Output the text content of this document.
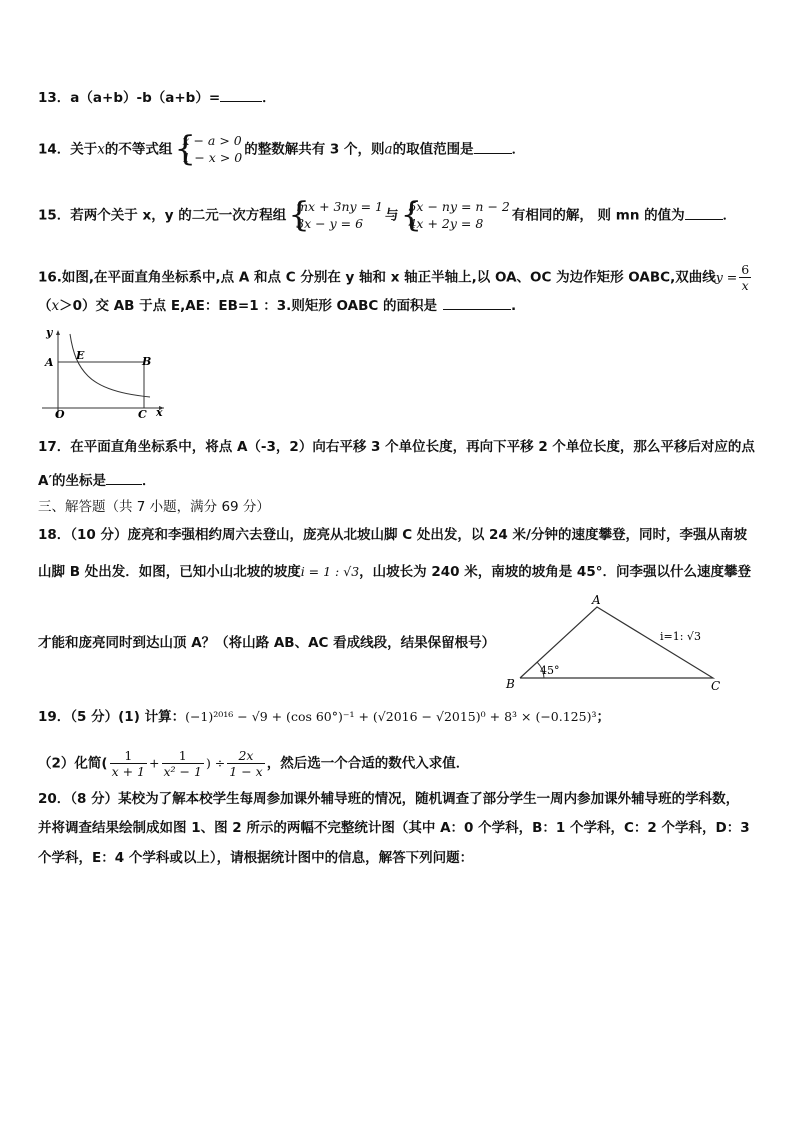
13．a（a+b）-b（a+b）=	．
14．关于x的不等式组 {
x − a > 0
1 − x > 0 的整数解共有 3 个，则a的取值范围是	．
15．若两个关于 x，y 的二元一次方程组 {
mx + 3ny = 1
3x − y = 6	与 {
5x − ny = n − 2
4x + 2y = 8	有相同的解， 则 mn 的值为	．
16.如图,在平面直角坐标系中,点 A 和点 C 分别在 y 轴和 x 轴正半轴上,以 OA、OC 为边作矩形 OABC,双曲线$y = \frac{6}{x}$
（x＞0）交 AB 于点 E,AE：EB=1 ：3.则矩形 OABC 的面积是	.
y
A
E	B
O	C x
17．在平面直角坐标系中，将点 A（-3，2）向右平移 3 个单位长度，再向下平移 2 个单位长度，那么平移后对应的点
A′的坐标是	．
三、解答题（共 7 小题，满分 69 分）
18．（10 分）庞亮和李强相约周六去登山，庞亮从北坡山脚 C 处出发，以 24 米/分钟的速度攀登，同时，李强从南坡
山脚 B 处出发．如图，已知小山北坡的坡度i = 1 : √3，山坡长为 240 米，南坡的坡角是 45°．问李强以什么速度攀登
才能和庞亮同时到达山顶 A？（将山路 AB、AC 看成线段，结果保留根号）
A
B	C
45°
i=1: √3
19．（5 分）(1) 计算：(−1)²⁰¹⁶ − √9 + (cos 60°)⁻¹ + (√2016 − √2015)⁰ + 8³ × (−0.125)³；
（2）化简( $\frac{1}{x + 1} + \frac{1}{\text{x² − 1}}$ ) ÷ $\frac{2x}{1 - x}$ ，然后选一个合适的数代入求值．
20．（8 分）某校为了解本校学生每周参加课外辅导班的情况，随机调查了部分学生一周内参加课外辅导班的学科数，
并将调查结果绘制成如图 1、图 2 所示的两幅不完整统计图（其中 A：0 个学科，B：1 个学科，C：2 个学科，D：3
个学科，E：4 个学科或以上），请根据统计图中的信息，解答下列问题：
